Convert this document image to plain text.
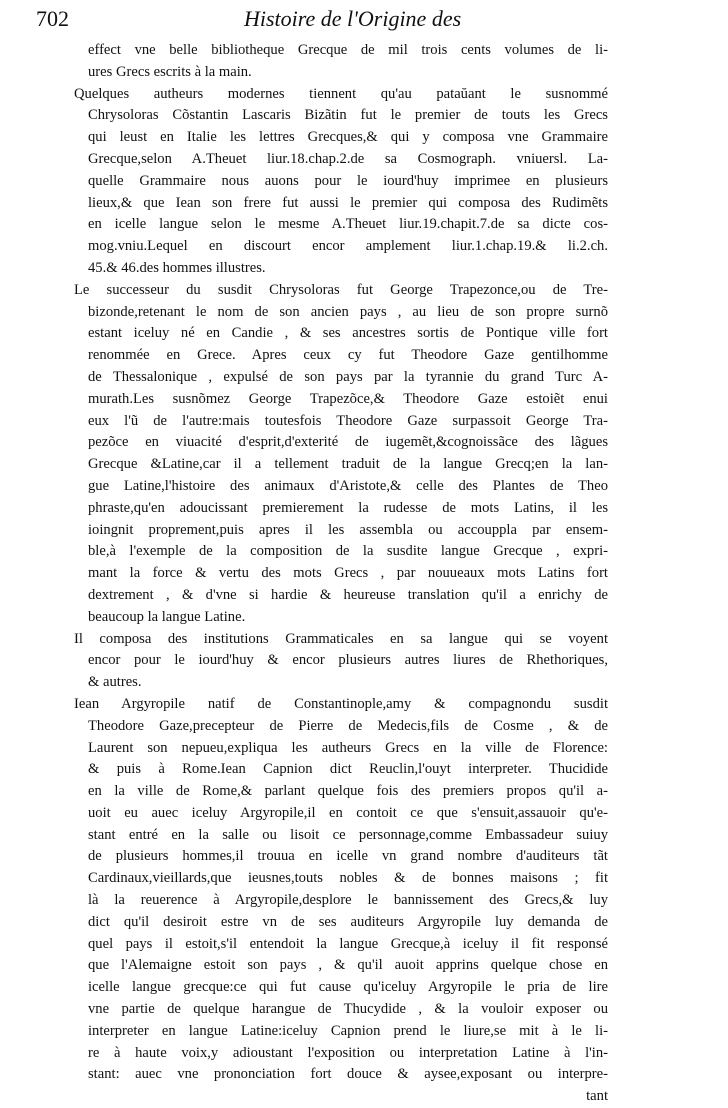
702	Histoire de l'Origine des
effect vne belle bibliotheque Grecque de mil trois cents volumes de li-
ures Grecs escrits à la main.
Quelques autheurs modernes tiennent qu'au pataŭant le susnommé
Chrysoloras Cõstantin Lascaris Bizãtin fut le premier de touts les Grecs
qui leust en Italie les lettres Grecques,& qui y composa vne Grammaire
Grecque,selon A.Theuet liur.18.chap.2.de sa Cosmograph. vniuersl. La-
quelle Grammaire nous auons pour le iourd'huy imprimee en plusieurs
lieux,& que Iean son frere fut aussi le premier qui composa des Rudimẽts
en icelle langue selon le mesme A.Theuet liur.19.chapit.7.de sa dicte cos-
mog.vniu.Lequel en discourt encor amplement liur.1.chap.19.& li.2.ch.
45.& 46.des hommes illustres.
Le successeur du susdit Chrysoloras fut George Trapezonce,ou de Tre-
bizonde,retenant le nom de son ancien pays , au lieu de son propre surnõ
estant iceluy né en Candie , & ses ancestres sortis de Pontique ville fort
renommée en Grece. Apres ceux cy fut Theodore Gaze gentilhomme
de Thessalonique , expulsé de son pays par la tyrannie du grand Turc A-
murath.Les susnõmez George Trapezõce,& Theodore Gaze estoiẽt enui
eux l'ũ de l'autre:mais toutesfois Theodore Gaze surpassoit George Tra-
pezõce en viuacité d'esprit,d'exterité de iugemẽt,&cognoissãce des lãgues
Grecque &Latine,car il a tellement traduit de la langue Grecq;en la lan-
gue Latine,l'histoire des animaux d'Aristote,& celle des Plantes de Theo
phraste,qu'en adoucissant premierement la rudesse de mots Latins, il les
ioingnit proprement,puis apres il les assembla ou accouppla par ensem-
ble,à l'exemple de la composition de la susdite langue Grecque , expri-
mant la force & vertu des mots Grecs , par nouueaux mots Latins fort
dextrement , & d'vne si hardie & heureuse translation qu'il a enrichy de
beaucoup la langue Latine.
Il composa des institutions Grammaticales en sa langue qui se voyent
encor pour le iourd'huy & encor plusieurs autres liures de Rhethoriques,
& autres.
Iean Argyropile natif de Constantinople,amy & compagnondu susdit
Theodore Gaze,precepteur de Pierre de Medecis,fils de Cosme , & de
Laurent son nepueu,expliqua les autheurs Grecs en la ville de Florence:
& puis à Rome.Iean Capnion dict Reuclin,l'ouyt interpreter. Thucidide
en la ville de Rome,& parlant quelque fois des premiers propos qu'il a-
uoit eu auec iceluy Argyropile,il en contoit ce que s'ensuit,assauoir qu'e-
stant entré en la salle ou lisoit ce personnage,comme Embassadeur suiuy
de plusieurs hommes,il trouua en icelle vn grand nombre d'auditeurs tãt
Cardinaux,vieillards,que ieusnes,touts nobles & de bonnes maisons ; fit
là la reuerence à Argyropile,desplore le bannissement des Grecs,& luy
dict qu'il desiroit estre vn de ses auditeurs Argyropile luy demanda de
quel pays il estoit,s'il entendoit la langue Grecque,à iceluy il fit responsé
que l'Alemaigne estoit son pays , & qu'il auoit apprins quelque chose en
icelle langue grecque:ce qui fut cause qu'iceluy Argyropile le pria de lire
vne partie de quelque harangue de Thucydide , & la vouloir exposer ou
interpreter en langue Latine:iceluy Capnion prend le liure,se mit à le li-
re à haute voix,y adioustant l'exposition ou interpretation Latine à l'in-
stant: auec vne prononciation fort douce & aysee,exposant ou interpre-
tant
